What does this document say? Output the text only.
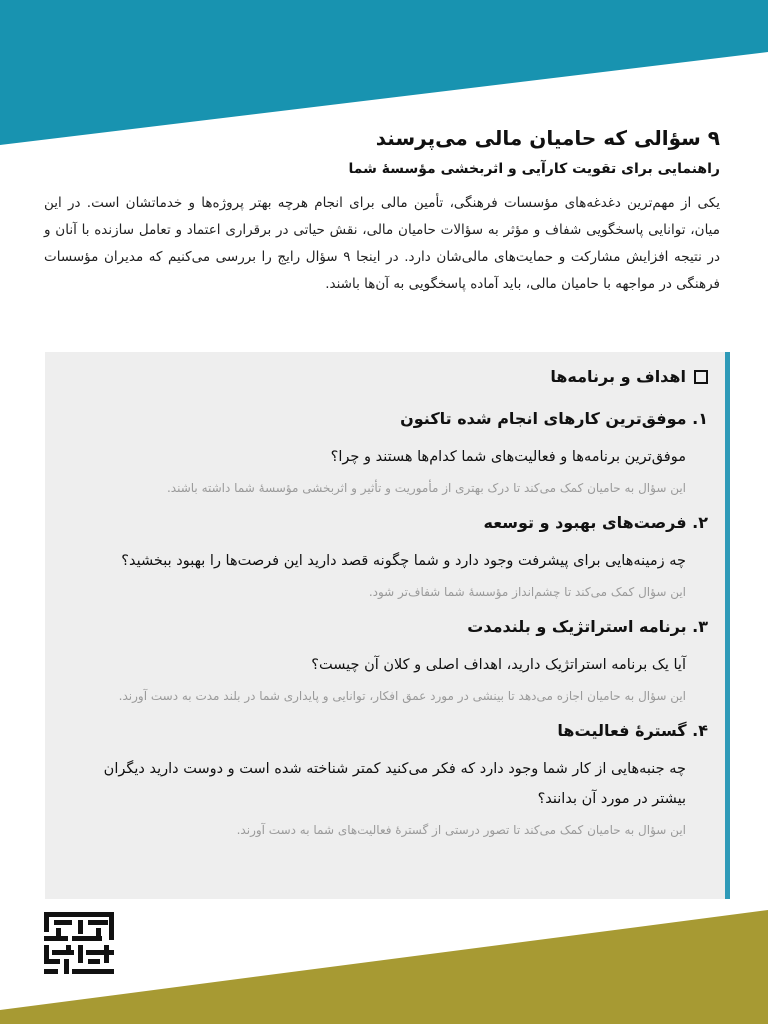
۹ سؤالی که حامیان مالی می‌پرسند
راهنمایی برای تقویت کارآیی و اثربخشی مؤسسهٔ شما

یکی از مهم‌ترین دغدغه‌های مؤسسات فرهنگی، تأمین مالی برای انجام هرچه بهتر پروژه‌ها و خدماتشان است. در این میان، توانایی پاسخگویی شفاف و مؤثر به سؤالات حامیان مالی، نقش حیاتی در برقراری اعتماد و تعامل سازنده با آنان و در نتیجه افزایش مشارکت و حمایت‌های مالی‌شان دارد. در اینجا ۹ سؤال رایج را بررسی می‌کنیم که مدیران مؤسسات فرهنگی در مواجهه با حامیان مالی، باید آماده پاسخگویی به آن‌ها باشند.

اهداف و برنامه‌ها
۱. موفق‌ترین کارهای انجام شده تاکنون
موفق‌ترین برنامه‌ها و فعالیت‌های شما کدام‌ها هستند و چرا؟
این سؤال به حامیان کمک می‌کند تا درک بهتری از مأموریت و تأثیر و اثربخشی مؤسسهٔ شما داشته باشند.
۲. فرصت‌های بهبود و توسعه
چه زمینه‌هایی برای پیشرفت وجود دارد و شما چگونه قصد دارید این فرصت‌ها را بهبود ببخشید؟
این سؤال کمک می‌کند تا چشم‌انداز مؤسسهٔ شما شفاف‌تر شود.
۳. برنامه استراتژیک و بلندمدت
آیا یک برنامه استراتژیک دارید، اهداف اصلی و کلان آن چیست؟
این سؤال به حامیان اجازه می‌دهد تا بینشی در مورد عمق افکار، توانایی و پایداری شما در بلند مدت به دست آورند.
۴. گسترهٔ فعالیت‌ها
چه جنبه‌هایی از کار شما وجود دارد که فکر می‌کنید کمتر شناخته شده است و دوست دارید دیگران بیشتر در مورد آن بدانند؟
این سؤال به حامیان کمک می‌کند تا تصور درستی از گسترهٔ فعالیت‌های شما به دست آورند.
